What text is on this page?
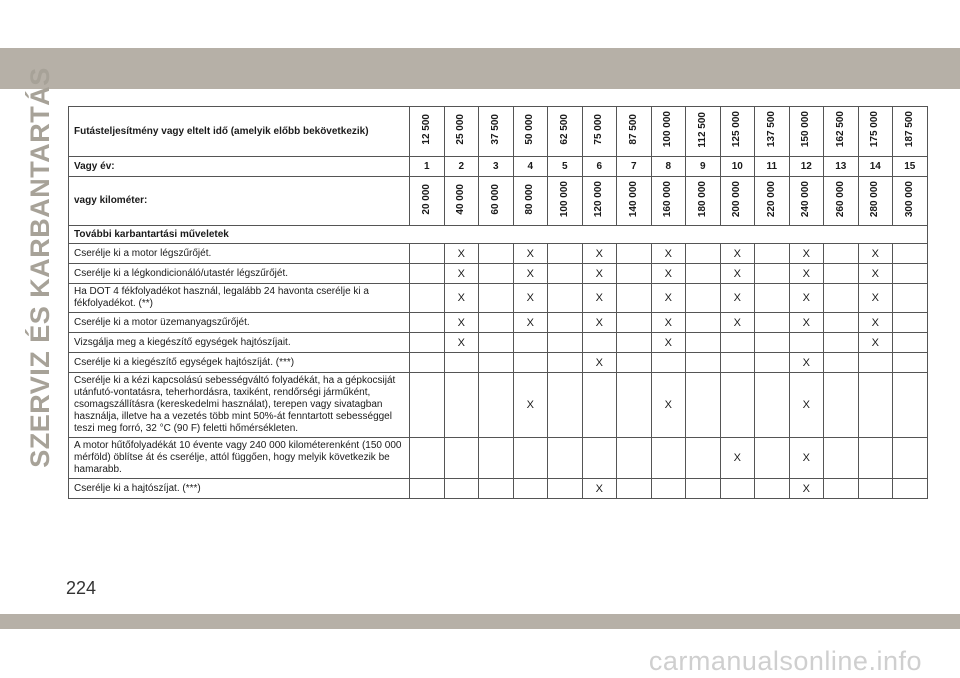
SZERVIZ ÉS KARBANTARTÁS Futásteljesítmény vagy eltelt idő (amelyik előbb bekövetkezik)	12 500	25 000	37 500	50 000	62 500	75 000	87 500	100 000	112 500	125 000	137 500	150 000	162 500	175 000	187 500
Vagy év:	1	2	3	4	5	6	7	8	9	10	11	12	13	14	15
vagy kilométer:	20 000	40 000	60 000	80 000	100 000	120 000	140 000	160 000	180 000	200 000	220 000	240 000	260 000	280 000	300 000
További karbantartási műveletek															
Cserélje ki a motor légszűrőjét.		X		X		X		X		X		X		X	
Cserélje ki a légkondicionáló/utastér légszűrőjét.		X		X		X		X		X		X		X	
Ha DOT 4 fékfolyadékot használ, legalább 24 havonta cserélje ki a fékfolyadékot. (**)		X		X		X		X		X		X		X	
Cserélje ki a motor üzemanyagszűrőjét.		X		X		X		X		X		X		X	
Vizsgálja meg a kiegészítő egységek hajtószíjait.		X						X						X	
Cserélje ki a kiegészítő egységek hajtószíját. (***)						X						X			
Cserélje ki a kézi kapcsolású sebességváltó folyadékát, ha a gépkocsiját utánfutó-vontatásra, teherhordásra, taxiként, rendőrségi járműként, csomagszállításra (kereskedelmi használat), terepen vagy sivatagban használja, illetve ha a vezetés több mint 50%-át fenntartott sebességgel teszi meg forró, 32 °C (90 F) feletti hőmérsékleten.				X				X				X			
A motor hűtőfolyadékát 10 évente vagy 240 000 kilométerenként (150 000 mérföld) öblítse át és cserélje, attól függően, hogy melyik következik be hamarabb.										X		X			
Cserélje ki a hajtószíjat. (***)						X						X			
224
carmanualsonline.info
